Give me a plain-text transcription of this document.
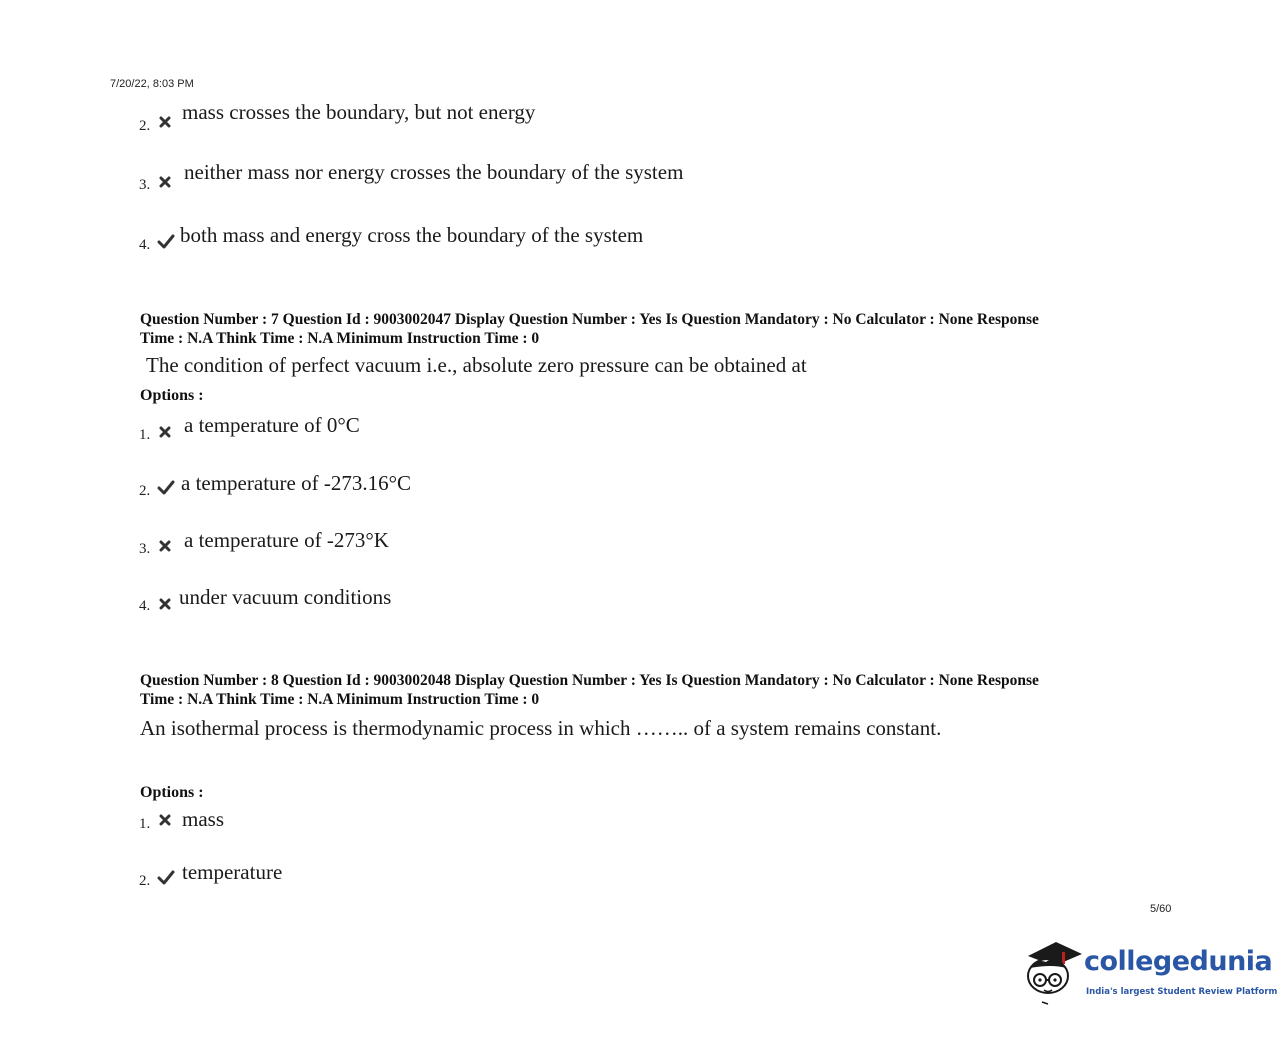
7/20/22, 8:03 PM
2.
mass crosses the boundary, but not energy
3.
neither mass nor energy crosses the boundary of the system
4.	both mass and energy cross the boundary of the system
Question Number : 7 Question Id : 9003002047 Display Question Number : Yes Is Question Mandatory : No Calculator : None Response
Time : N.A Think Time : N.A Minimum Instruction Time : 0
The condition of perfect vacuum i.e., absolute zero pressure can be obtained at
Options :
1.	a temperature of 0°C
2.	a temperature of -273.16°C
3.	a temperature of -273°K
4.	under vacuum conditions
Question Number : 8 Question Id : 9003002048 Display Question Number : Yes Is Question Mandatory : No Calculator : None Response
Time : N.A Think Time : N.A Minimum Instruction Time : 0
An isothermal process is thermodynamic process in which …….. of a system remains constant.
Options :
1.	mass
2.	temperature
5/60
collegedunia
India's largest Student Review Platform
